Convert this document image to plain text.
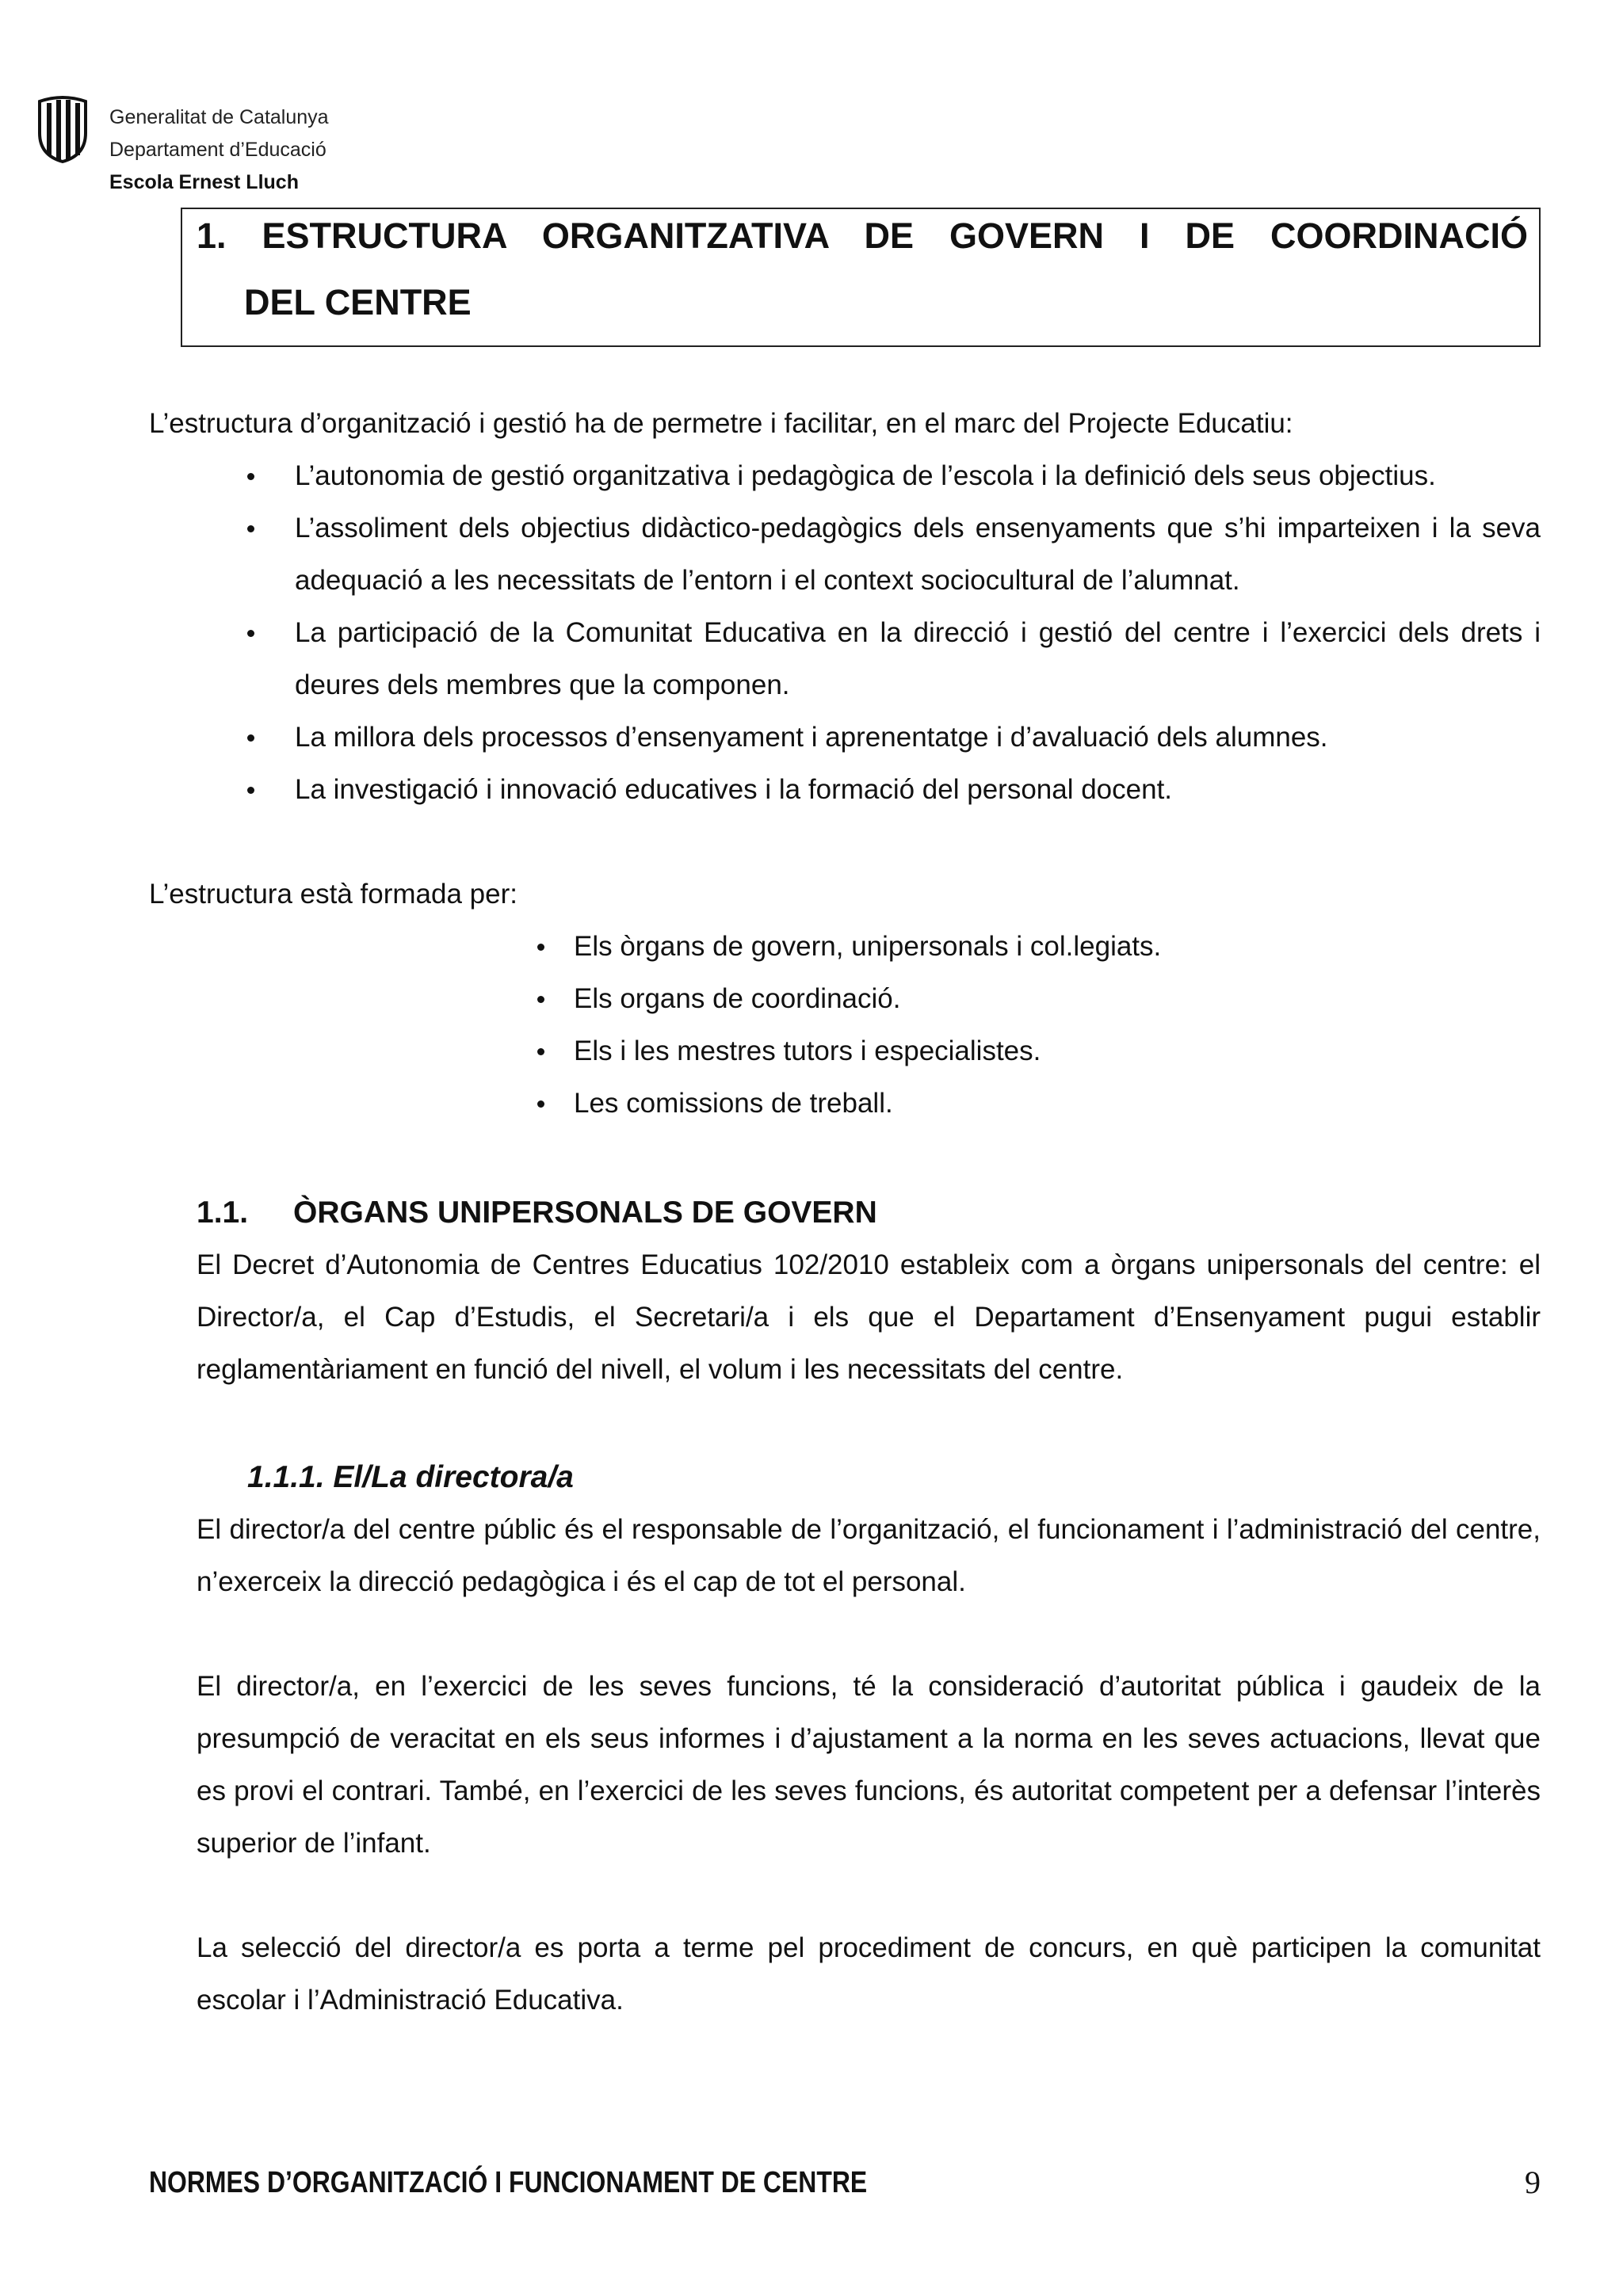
Generalitat de Catalunya
Departament d’Educació
Escola Ernest Lluch
1. ESTRUCTURA ORGANITZATIVA DE GOVERN I DE COORDINACIÓ
DEL CENTRE
L’estructura d’organització i gestió ha de permetre i facilitar, en el marc del Projecte Educatiu:
L’autonomia de gestió organitzativa i pedagògica de l’escola i la definició dels seus objectius.
L’assoliment dels objectius didàctico-pedagògics dels ensenyaments que s’hi imparteixen i la seva adequació a les necessitats de l’entorn i el context sociocultural de l’alumnat.
La participació de la Comunitat Educativa en la direcció i gestió del centre i l’exercici dels drets i deures dels membres que la componen.
La millora dels processos d’ensenyament i aprenentatge i d’avaluació dels alumnes.
La investigació i innovació educatives i la formació del personal docent.
L’estructura està formada per:
Els òrgans de govern, unipersonals i col.legiats.
Els organs de coordinació.
Els i les mestres tutors i especialistes.
Les comissions de treball.
1.1. ÒRGANS UNIPERSONALS DE GOVERN
El Decret d’Autonomia de Centres Educatius 102/2010 estableix com a òrgans unipersonals del centre: el Director/a, el Cap d’Estudis, el Secretari/a i els que el Departament d’Ensenyament pugui establir reglamentàriament en funció del nivell, el volum i les necessitats del centre.
1.1.1. El/La directora/a
El director/a del centre públic és el responsable de l’organització, el funcionament i l’administració del centre, n’exerceix la direcció pedagògica i és el cap de tot el personal.
El director/a, en l’exercici de les seves funcions, té la consideració d’autoritat pública i gaudeix de la presumpció de veracitat en els seus informes i d’ajustament a la norma en les seves actuacions, llevat que es provi el contrari. També, en l’exercici de les seves funcions, és autoritat competent per a defensar l’interès superior de l’infant.
La selecció del director/a es porta a terme pel procediment de concurs, en què participen la comunitat escolar i l’Administració Educativa.
NORMES D’ORGANITZACIÓ I FUNCIONAMENT DE CENTRE	9
